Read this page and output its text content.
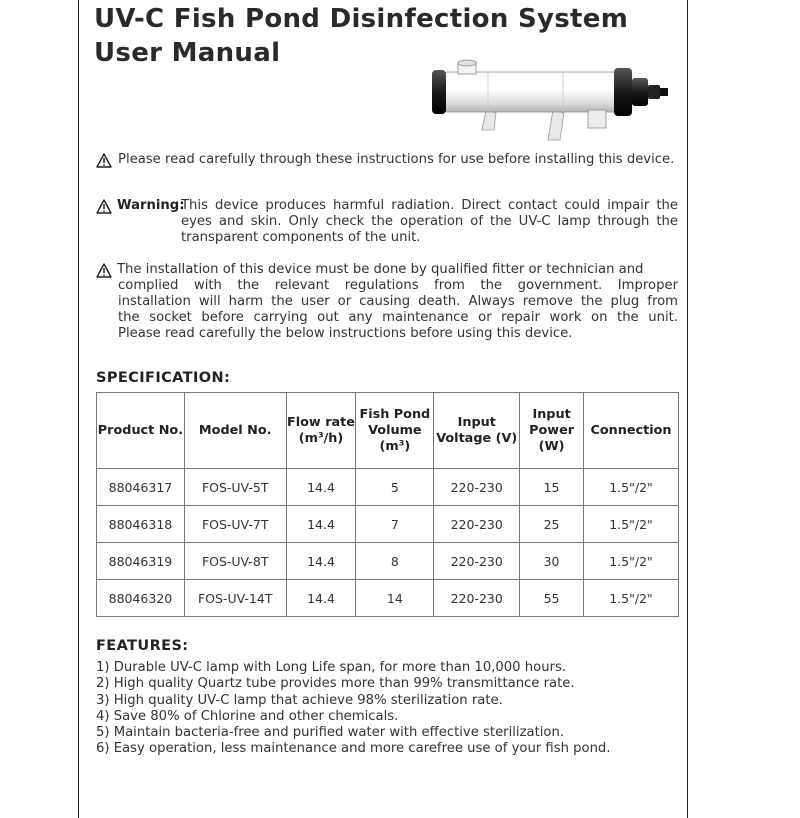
UV-C Fish Pond Disinfection System
User Manual

Please read carefully through these instructions for use before installing this device.

Warning:

This device produces harmful radiation. Direct contact could impair the eyes and skin. Only check the operation of the UV-C lamp through the transparent components of the unit.

The installation of this device must be done by qualified fitter or technician and
complied with the relevant regulations from the government. Improper
installation will harm the user or causing death. Always remove the plug from
the socket before carrying out any maintenance or repair work on the unit.
Please read carefully the below instructions before using this device.

SPECIFICATION:
Product No.	Model No.	Flow rate (m³/h)	Fish Pond Volume (m³)	Input Voltage (V)	Input Power (W)	Connection
88046317	FOS-UV-5T	14.4	5	220-230	15	1.5"/2"
88046318	FOS-UV-7T	14.4	7	220-230	25	1.5"/2"
88046319	FOS-UV-8T	14.4	8	220-230	30	1.5"/2"
88046320	FOS-UV-14T	14.4	14	220-230	55	1.5"/2"
FEATURES:
1) Durable UV-C lamp with Long Life span, for more than 10,000 hours.
2) High quality Quartz tube provides more than 99% transmittance rate.
3) High quality UV-C lamp that achieve 98% sterilization rate.
4) Save 80% of Chlorine and other chemicals.
5) Maintain bacteria-free and purified water with effective sterilization.
6) Easy operation, less maintenance and more carefree use of your fish pond.
